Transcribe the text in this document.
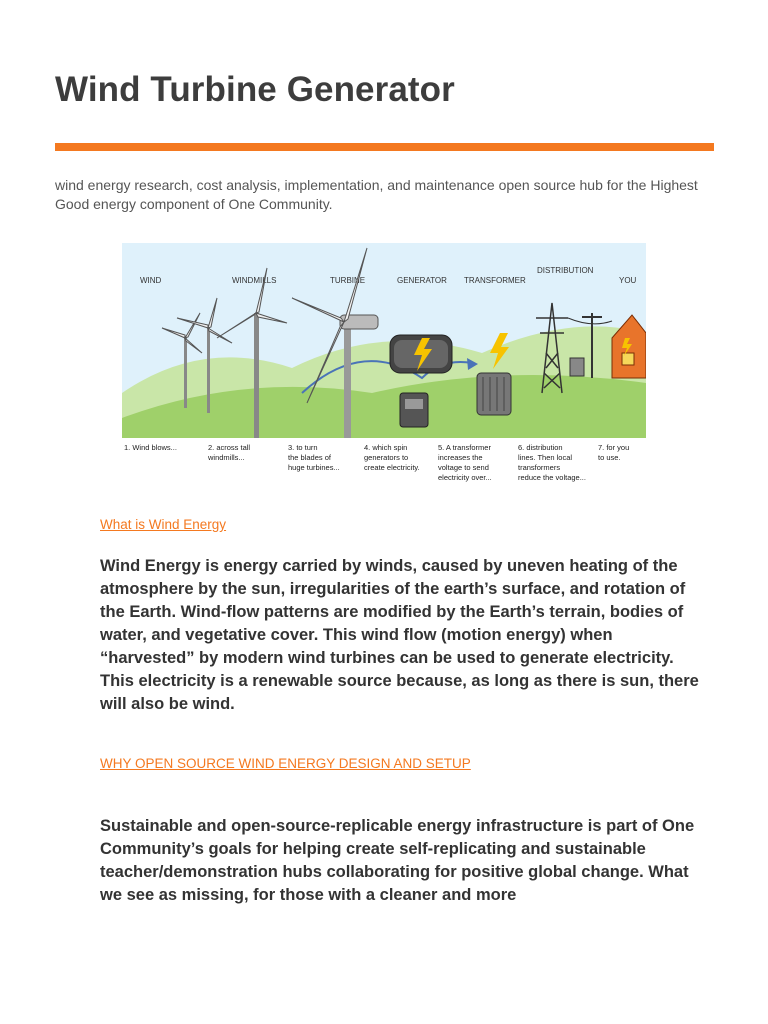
Wind Turbine Generator

wind energy research, cost analysis, implementation, and maintenance open source hub for the Highest Good energy component of One Community.

WIND	WINDMILLS	TURBINE	GENERATOR TRANSFORMER
DISTRIBUTION
YOU
1. Wind blows...	2. across tall
windmills...
3. to turn
the blades of
huge turbines...
4. which spin
generators to
create electricity.
5. A transformer
increases the
voltage to send
electricity over...
6. distribution
lines. Then local
transformers
reduce the voltage...
7. for you
to use.
What is Wind Energy

Wind Energy is energy carried by winds, caused by uneven heating of the atmosphere by the sun, irregularities of the earth’s surface, and rotation of the Earth. Wind-flow patterns are modified by the Earth’s terrain, bodies of water, and vegetative cover. This wind flow (motion energy) when “harvested” by modern wind turbines can be used to generate electricity. This electricity is a renewable source because, as long as there is sun, there will also be wind.

WHY OPEN SOURCE WIND ENERGY DESIGN AND SETUP

Sustainable and open-source-replicable energy infrastructure is part of One Community’s goals for helping create self-replicating and sustainable teacher/demonstration hubs collaborating for positive global change. What we see as missing, for those with a cleaner and more
